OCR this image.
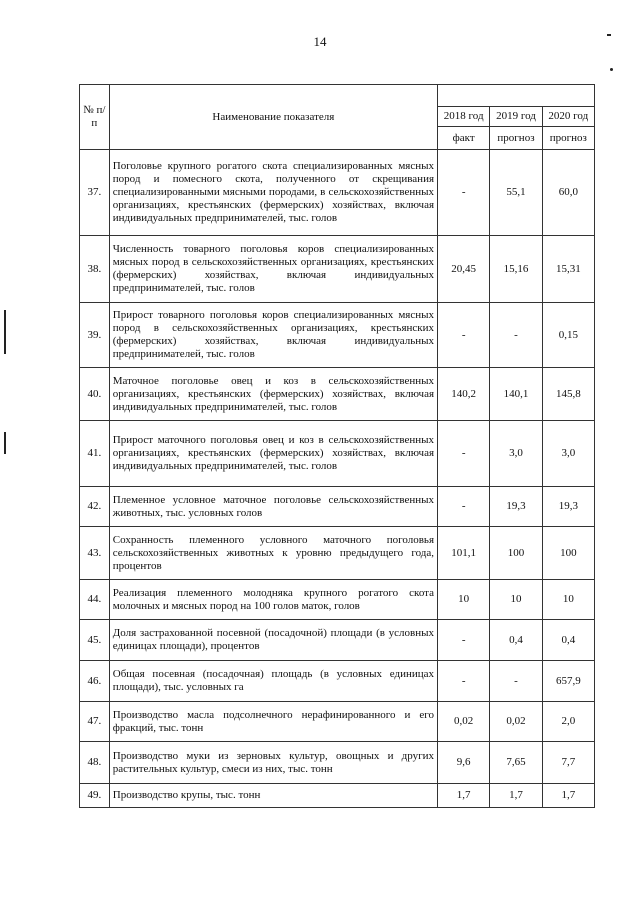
14
№ п/п	Наименование показателя			
		2018 год	2019 год	2020 год
		факт	прогноз	прогноз
37.	Поголовье крупного рогатого скота специализированных мясных пород и помесного скота, полученного от скрещивания специализированными мясными породами, в сельскохозяйственных организациях, крестьянских (фермерских) хозяйствах, включая индивидуальных предпринимателей, тыс. голов	-	55,1	60,0
38.	Численность товарного поголовья коров специализированных мясных пород в сельскохозяйственных организациях, крестьянских (фермерских) хозяйствах, включая индивидуальных предпринимателей, тыс. голов	20,45	15,16	15,31
39.	Прирост товарного поголовья коров специализированных мясных пород в сельскохозяйственных организациях, крестьянских (фермерских) хозяйствах, включая индивидуальных предпринимателей, тыс. голов	-	-	0,15
40.	Маточное поголовье овец и коз в сельскохозяйственных организациях, крестьянских (фермерских) хозяйствах, включая индивидуальных предпринимателей, тыс. голов	140,2	140,1	145,8
41.	Прирост маточного поголовья овец и коз в сельскохозяйственных организациях, крестьянских (фермерских) хозяйствах, включая индивидуальных предпринимателей, тыс. голов	-	3,0	3,0
42.	Племенное условное маточное поголовье сельскохозяйственных животных, тыс. условных голов	-	19,3	19,3
43.	Сохранность племенного условного маточного поголовья сельскохозяйственных животных к уровню предыдущего года, процентов	101,1	100	100
44.	Реализация племенного молодняка крупного рогатого скота молочных и мясных пород на 100 голов маток, голов	10	10	10
45.	Доля застрахованной посевной (посадочной) площади (в условных единицах площади), процентов	-	0,4	0,4
46.	Общая посевная (посадочная) площадь (в условных единицах площади), тыс. условных га	-	-	657,9
47.	Производство масла подсолнечного нерафинированного и его фракций, тыс. тонн	0,02	0,02	2,0
48.	Производство муки из зерновых культур, овощных и других растительных культур, смеси из них, тыс. тонн	9,6	7,65	7,7
49.	Производство крупы, тыс. тонн	1,7	1,7	1,7
